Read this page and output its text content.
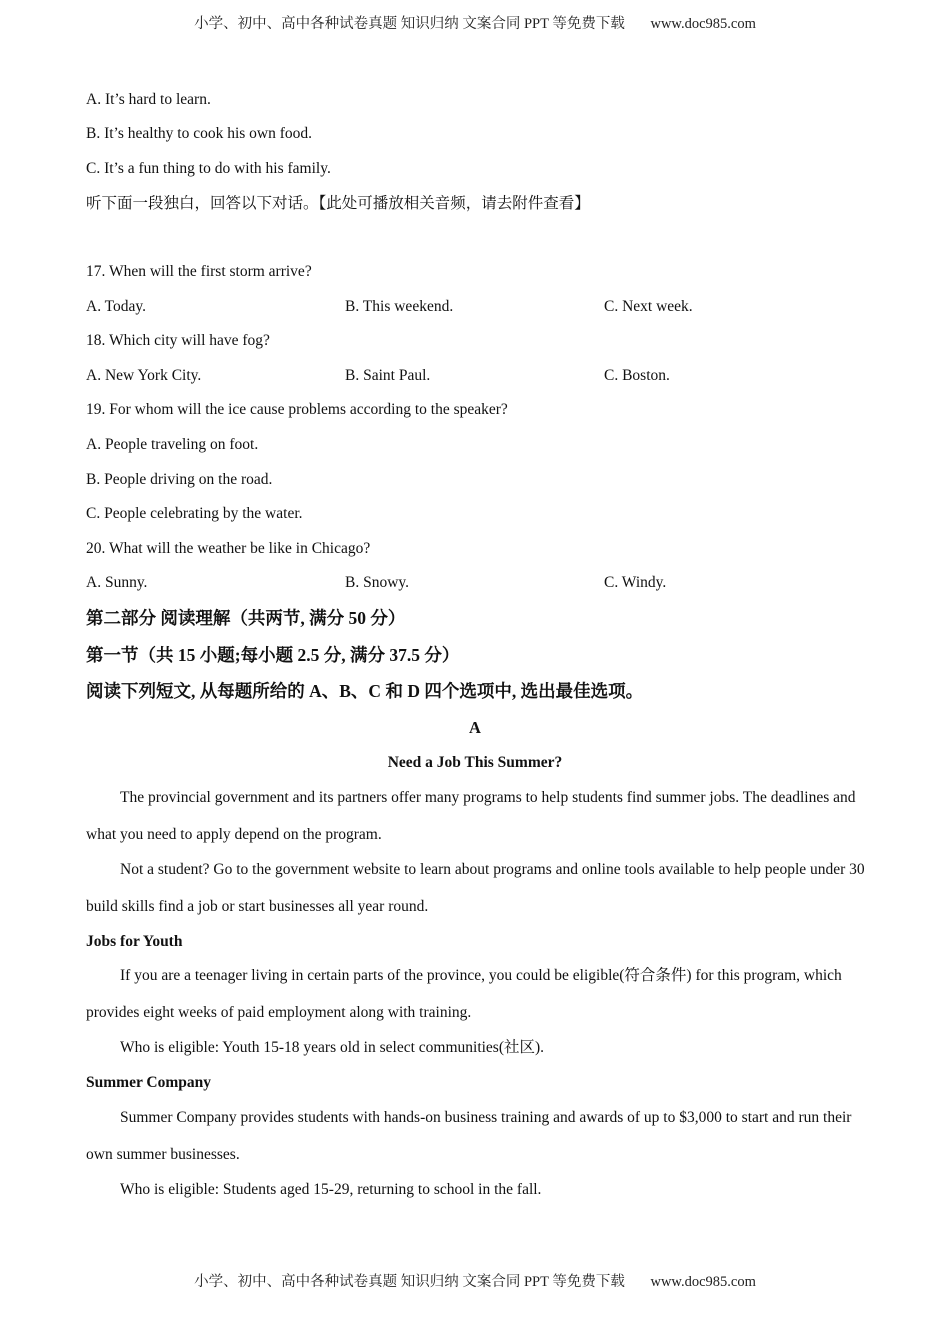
小学、初中、高中各种试卷真题 知识归纳 文案合同 PPT 等免费下载 www.doc985.com
A. It’s hard to learn.
B. It’s healthy to cook his own food.
C. It’s a fun thing to do with his family.
听下面一段独白，回答以下对话。【此处可播放相关音频，请去附件查看】
17. When will the first storm arrive?
A. Today.	B. This weekend.	C. Next week.
18. Which city will have fog?
A. New York City.	B. Saint Paul.	C. Boston.
19. For whom will the ice cause problems according to the speaker?
A. People traveling on foot.
B. People driving on the road.
C. People celebrating by the water.
20. What will the weather be like in Chicago?
A. Sunny.	B. Snowy.	C. Windy.
第二部分 阅读理解（共两节, 满分 50 分）
第一节（共 15 小题;每小题 2.5 分, 满分 37.5 分）
阅读下列短文, 从每题所给的 A、B、C 和 D 四个选项中, 选出最佳选项。
A
Need a Job This Summer?
The provincial government and its partners offer many programs to help students find summer jobs. The deadlines and what you need to apply depend on the program.
Not a student? Go to the government website to learn about programs and online tools available to help people under 30 build skills find a job or start businesses all year round.
Jobs for Youth
If you are a teenager living in certain parts of the province, you could be eligible(符合条件) for this program, which provides eight weeks of paid employment along with training.
Who is eligible: Youth 15-18 years old in select communities(社区).
Summer Company
Summer Company provides students with hands-on business training and awards of up to $3,000 to start and run their own summer businesses.
Who is eligible: Students aged 15-29, returning to school in the fall.
小学、初中、高中各种试卷真题 知识归纳 文案合同 PPT 等免费下载 www.doc985.com
